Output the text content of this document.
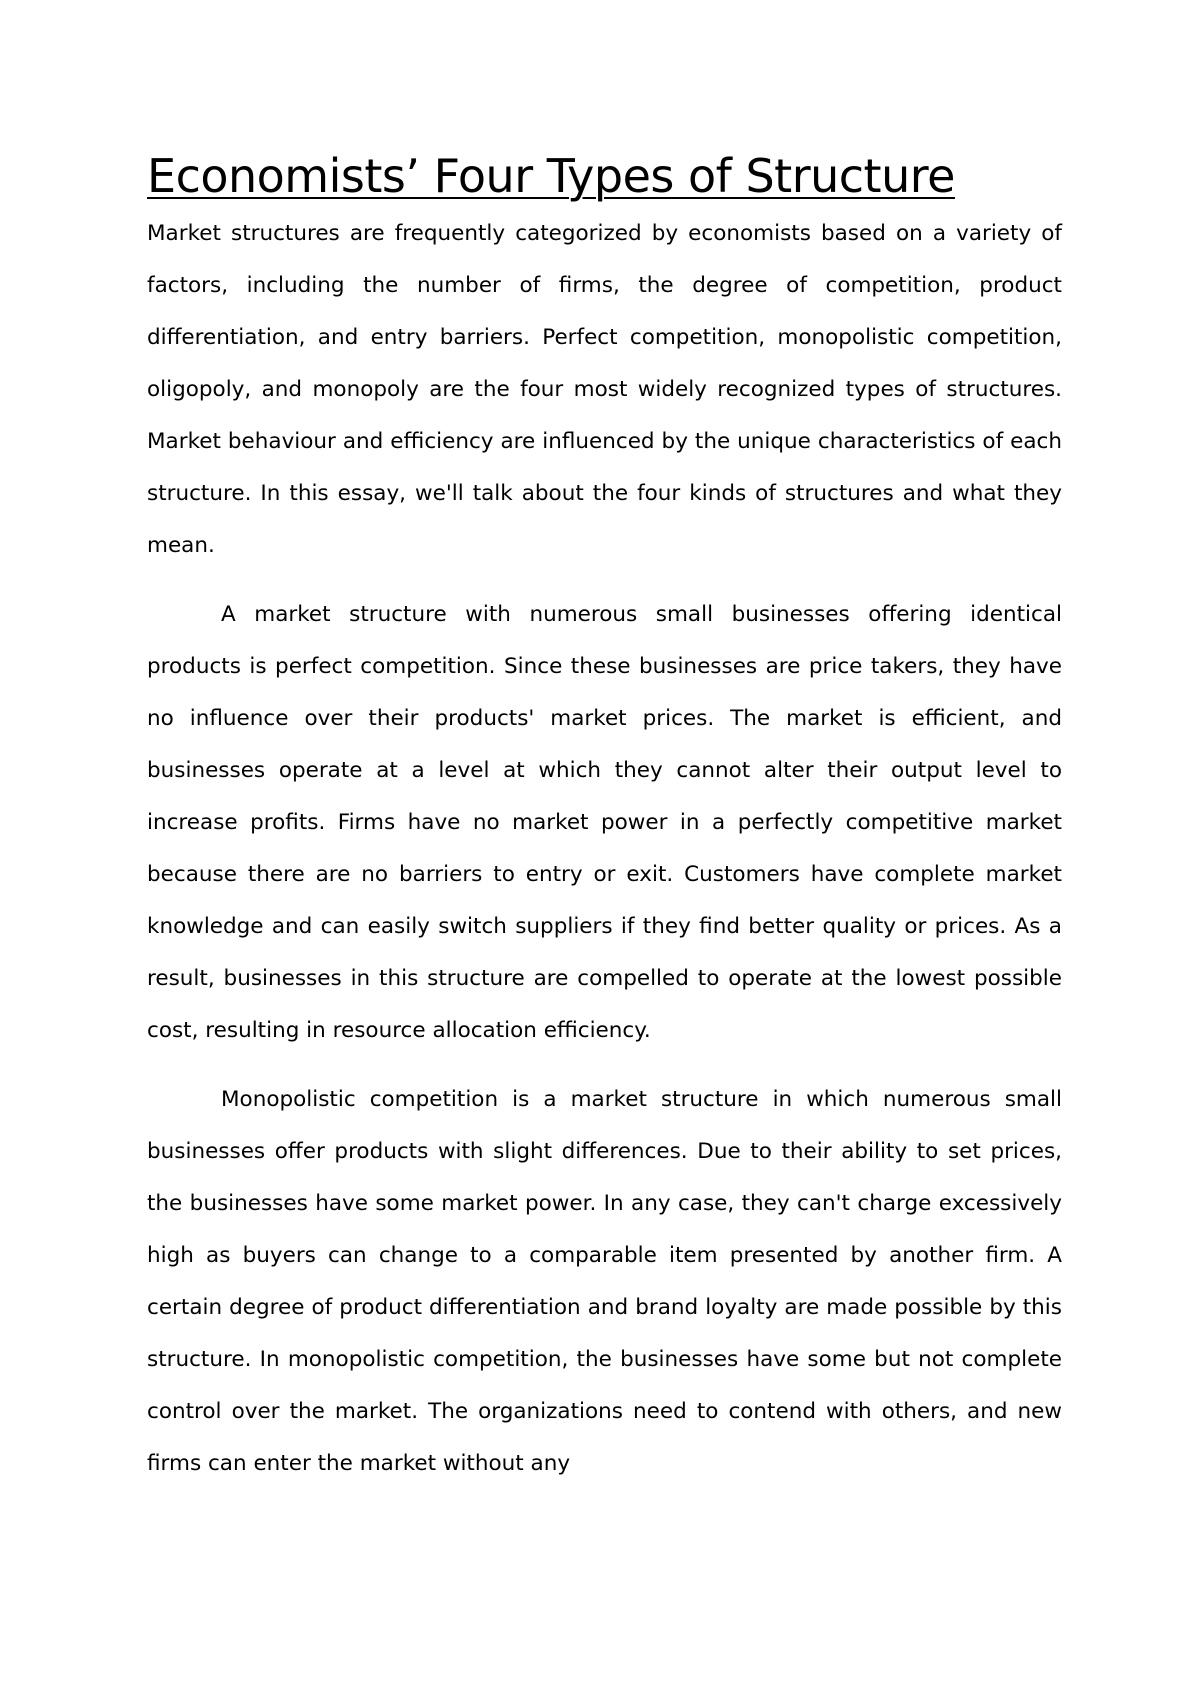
Economists’ Four Types of Structure

Market structures are frequently categorized by economists based on a variety of factors, including the number of firms, the degree of competition, product differentiation, and entry barriers. Perfect competition, monopolistic competition, oligopoly, and monopoly are the four most widely recognized types of structures. Market behaviour and efficiency are influenced by the unique characteristics of each structure. In this essay, we'll talk about the four kinds of structures and what they mean.

A market structure with numerous small businesses offering identical products is perfect competition. Since these businesses are price takers, they have no influence over their products' market prices. The market is efficient, and businesses operate at a level at which they cannot alter their output level to increase profits. Firms have no market power in a perfectly competitive market because there are no barriers to entry or exit. Customers have complete market knowledge and can easily switch suppliers if they find better quality or prices. As a result, businesses in this structure are compelled to operate at the lowest possible cost, resulting in resource allocation efficiency.

Monopolistic competition is a market structure in which numerous small businesses offer products with slight differences. Due to their ability to set prices, the businesses have some market power. In any case, they can't charge excessively high as buyers can change to a comparable item presented by another firm. A certain degree of product differentiation and brand loyalty are made possible by this structure. In monopolistic competition, the businesses have some but not complete control over the market. The organizations need to contend with others, and new firms can enter the market without any
